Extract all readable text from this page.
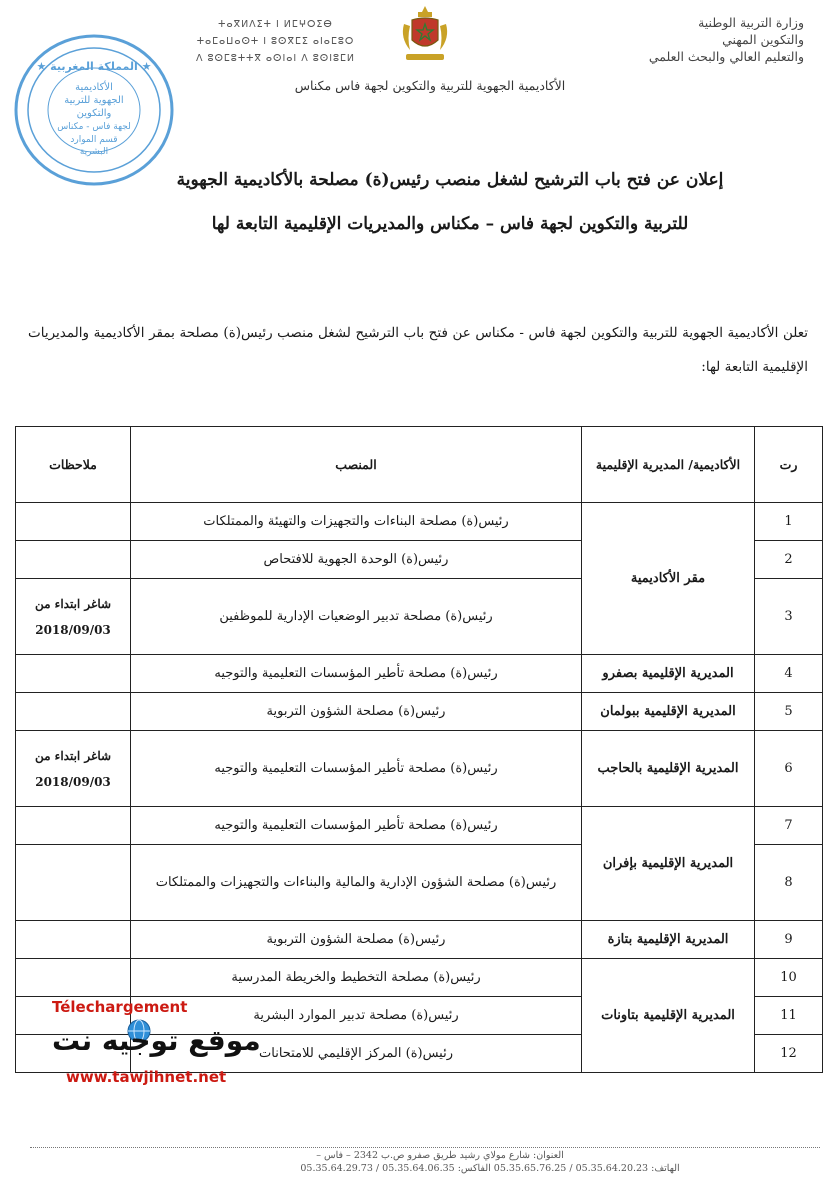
وزارة التربية الوطنية
والتكوين المهني
والتعليم العالي والبحث العلمي
ⵜⴰⴳⵍⴷⵉⵜ ⵏ ⵍⵎⵖⵔⵉⴱ
ⵜⴰⵎⴰⵡⴰⵙⵜ ⵏ ⵓⵙⴳⵎⵉ ⴰⵏⴰⵎⵓⵔ
ⴷ ⵓⵙⵎⵓⵜⵜⴳ ⴰⵙⵏⴰⵏ ⴷ ⵓⵙⵏⵓⵎⵍ
★ المملكة المغربية ★
الأكاديمية
الجهوية للتربية
والتكوين
لجهة فاس - مكناس
قسم الموارد
البشرية
الأكاديمية الجهوية للتربية والتكوين لجهة فاس مكناس
إعلان عن فتح باب الترشيح لشغل منصب رئيس(ة) مصلحة بالأكاديمية الجهوية
للتربية والتكوين لجهة فاس – مكناس والمديريات الإقليمية التابعة لها
تعلن الأكاديمية الجهوية للتربية والتكوين لجهة فاس - مكناس عن فتح باب الترشيح لشغل منصب رئيس(ة) مصلحة بمقر الأكاديمية والمديريات الإقليمية التابعة لها:
رت	الأكاديمية/ المديرية الإقليمية	المنصب	ملاحظات
1	مقر الأكاديمية	رئيس(ة) مصلحة البناءات والتجهيزات والتهيئة والممتلكات	
2		رئيس(ة) الوحدة الجهوية للافتحاص	
3		رئيس(ة) مصلحة تدبير الوضعيات الإدارية للموظفين	شاغر ابتداء من 2018/09/03
4	المديرية الإقليمية بصفرو	رئيس(ة) مصلحة تأطير المؤسسات التعليمية والتوجيه	
5	المديرية الإقليمية ببولمان	رئيس(ة) مصلحة الشؤون التربوية	
6	المديرية الإقليمية بالحاجب	رئيس(ة) مصلحة تأطير المؤسسات التعليمية والتوجيه	شاغر ابتداء من 2018/09/03
7	المديرية الإقليمية بإفران	رئيس(ة) مصلحة تأطير المؤسسات التعليمية والتوجيه	
8		رئيس(ة) مصلحة الشؤون الإدارية والمالية والبناءات والتجهيزات والممتلكات	
9	المديرية الإقليمية بتازة	رئيس(ة) مصلحة الشؤون التربوية	
10	المديرية الإقليمية بتاونات	رئيس(ة) مصلحة التخطيط والخريطة المدرسية	
11		رئيس(ة) مصلحة تدبير الموارد البشرية	
12		رئيس(ة) المركز الإقليمي للامتحانات	
Télechargement
موقع توجيه نت
www.tawjihnet.net
العنوان: شارع مولاي رشيد طريق صفرو ص.ب 2342 – فاس –
الهاتف: 05.35.64.20.23 / 05.35.65.76.25 الفاكس: 05.35.64.06.35 / 05.35.64.29.73
